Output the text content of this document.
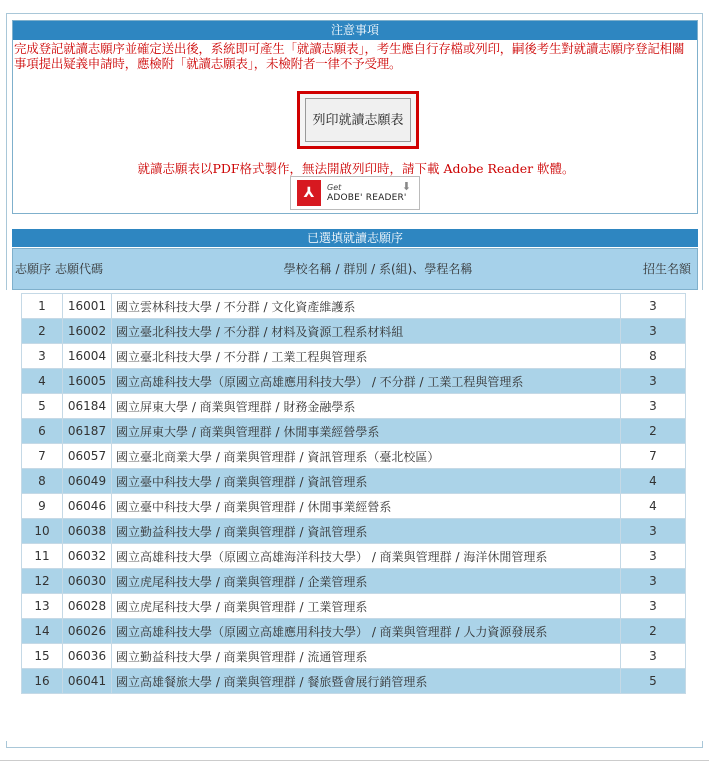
注意事項
完成登記就讀志願序並確定送出後，系統即可產生「就讀志願表」，考生應自行存檔或列印，嗣後考生對就讀志願序登記相關事項提出疑義申請時，應檢附「就讀志願表」，未檢附者一律不予受理。
列印就讀志願表
就讀志願表以PDF格式製作，無法開啟列印時，請下載 Adobe Reader 軟體。
⅄	Get
ADOBE' READER'
⬇
已選填就讀志願序
志願序 志願代碼	學校名稱 / 群別 / 系(組)、學程名稱	招生名額
1	16001	國立雲林科技大學 / 不分群 / 文化資產維護系	3
2	16002	國立臺北科技大學 / 不分群 / 材料及資源工程系材料組	3
3	16004	國立臺北科技大學 / 不分群 / 工業工程與管理系	8
4	16005	國立高雄科技大學（原國立高雄應用科技大學） / 不分群 / 工業工程與管理系	3
5	06184	國立屏東大學 / 商業與管理群 / 財務金融學系	3
6	06187	國立屏東大學 / 商業與管理群 / 休閒事業經營學系	2
7	06057	國立臺北商業大學 / 商業與管理群 / 資訊管理系（臺北校區）	7
8	06049	國立臺中科技大學 / 商業與管理群 / 資訊管理系	4
9	06046	國立臺中科技大學 / 商業與管理群 / 休閒事業經營系	4
10	06038	國立勤益科技大學 / 商業與管理群 / 資訊管理系	3
11	06032	國立高雄科技大學（原國立高雄海洋科技大學） / 商業與管理群 / 海洋休閒管理系	3
12	06030	國立虎尾科技大學 / 商業與管理群 / 企業管理系	3
13	06028	國立虎尾科技大學 / 商業與管理群 / 工業管理系	3
14	06026	國立高雄科技大學（原國立高雄應用科技大學） / 商業與管理群 / 人力資源發展系	2
15	06036	國立勤益科技大學 / 商業與管理群 / 流通管理系	3
16	06041	國立高雄餐旅大學 / 商業與管理群 / 餐旅暨會展行銷管理系	5
